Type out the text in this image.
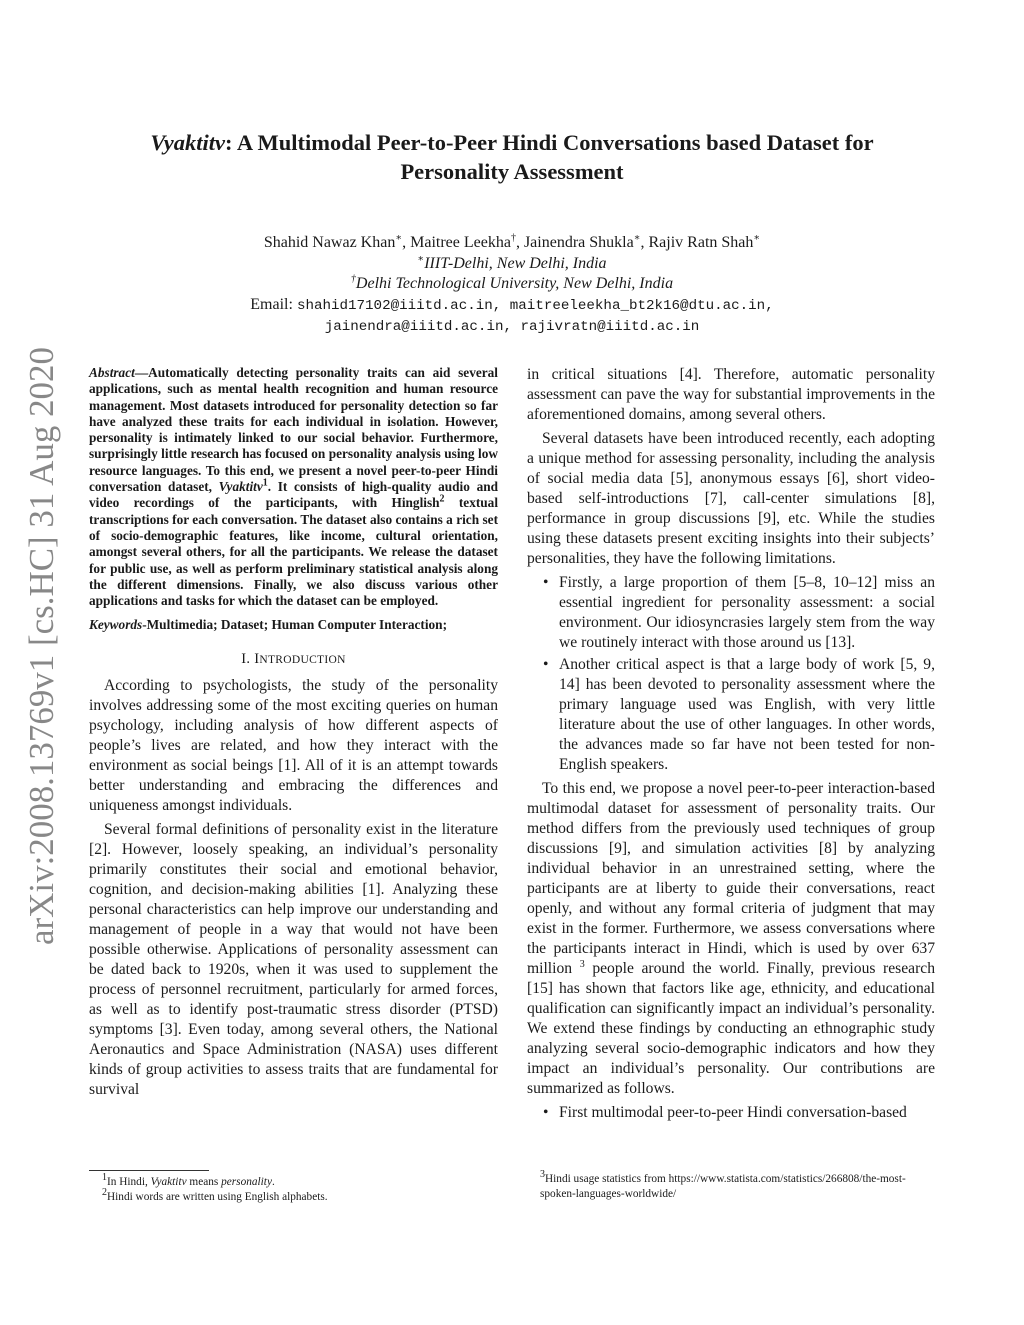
arXiv:2008.13769v1 [cs.HC] 31 Aug 2020
Vyaktitv: A Multimodal Peer-to-Peer Hindi Conversations based Dataset for
Personality Assessment
Shahid Nawaz Khan∗, Maitree Leekha†, Jainendra Shukla∗, Rajiv Ratn Shah∗
∗IIIT-Delhi, New Delhi, India
†Delhi Technological University, New Delhi, India
Email: shahid17102@iiitd.ac.in, maitreeleekha_bt2k16@dtu.ac.in,
jainendra@iiitd.ac.in, rajivratn@iiitd.ac.in

Abstract—Automatically detecting personality traits can aid several applications, such as mental health recognition and human resource management. Most datasets introduced for personality detection so far have analyzed these traits for each individual in isolation. However, personality is intimately linked to our social behavior. Furthermore, surprisingly little research has focused on personality analysis using low resource languages. To this end, we present a novel peer-to-peer Hindi conversation dataset, Vyaktitv$^1$. It consists of high-quality audio and video recordings of the participants, with Hinglish$^2$ textual transcriptions for each conversation. The dataset also contains a rich set of socio-demographic features, like income, cultural orientation, amongst several others, for all the participants. We release the dataset for public use, as well as perform preliminary statistical analysis along the different dimensions. Finally, we also discuss various other applications and tasks for which the dataset can be employed.

Keywords-Multimedia; Dataset; Human Computer Interaction;

I. INTRODUCTION

According to psychologists, the study of the personality involves addressing some of the most exciting queries on human psychology, including analysis of how different aspects of people’s lives are related, and how they interact with the environment as social beings [1]. All of it is an attempt towards better understanding and embracing the differences and uniqueness amongst individuals.

Several formal definitions of personality exist in the literature [2]. However, loosely speaking, an individual’s personality primarily constitutes their social and emotional behavior, cognition, and decision-making abilities [1]. Analyzing these personal characteristics can help improve our understanding and management of people in a way that would not have been possible otherwise. Applications of personality assessment can be dated back to 1920s, when it was used to supplement the process of personnel recruitment, particularly for armed forces, as well as to identify post-traumatic stress disorder (PTSD) symptoms [3]. Even today, among several others, the National Aeronautics and Space Administration (NASA) uses different kinds of group activities to assess traits that are fundamental for survival

in critical situations [4]. Therefore, automatic personality assessment can pave the way for substantial improvements in the aforementioned domains, among several others.

Several datasets have been introduced recently, each adopting a unique method for assessing personality, including the analysis of social media data [5], anonymous essays [6], short video-based self-introductions [7], call-center simulations [8], performance in group discussions [9], etc. While the studies using these datasets present exciting insights into their subjects’ personalities, they have the following limitations.

• Firstly, a large proportion of them [5–8, 10–12] miss an essential ingredient for personality assessment: a social environment. Our idiosyncrasies largely stem from the way we routinely interact with those around us [13].
• Another critical aspect is that a large body of work [5, 9, 14] has been devoted to personality assessment where the primary language used was English, with very little literature about the use of other languages. In other words, the advances made so far have not been tested for non-English speakers.

To this end, we propose a novel peer-to-peer interaction-based multimodal dataset for assessment of personality traits. Our method differs from the previously used techniques of group discussions [9], and simulation activities [8] by analyzing individual behavior in an unrestrained setting, where the participants are at liberty to guide their conversations, react openly, and without any formal criteria of judgment that may exist in the former. Furthermore, we assess conversations where the participants interact in Hindi, which is used by over 637 million $^3$ people around the world. Finally, previous research [15] has shown that factors like age, ethnicity, and educational qualification can significantly impact an individual’s personality. We extend these findings by conducting an ethnographic study analyzing several socio-demographic indicators and how they impact an individual’s personality. Our contributions are summarized as follows.

• First multimodal peer-to-peer Hindi conversation-based
$^1$In Hindi, Vyaktitv means personality.
$^2$Hindi words are written using English alphabets.
$^3$Hindi usage statistics from https://www.statista.com/statistics/266808/the-most-spoken-languages-worldwide/
